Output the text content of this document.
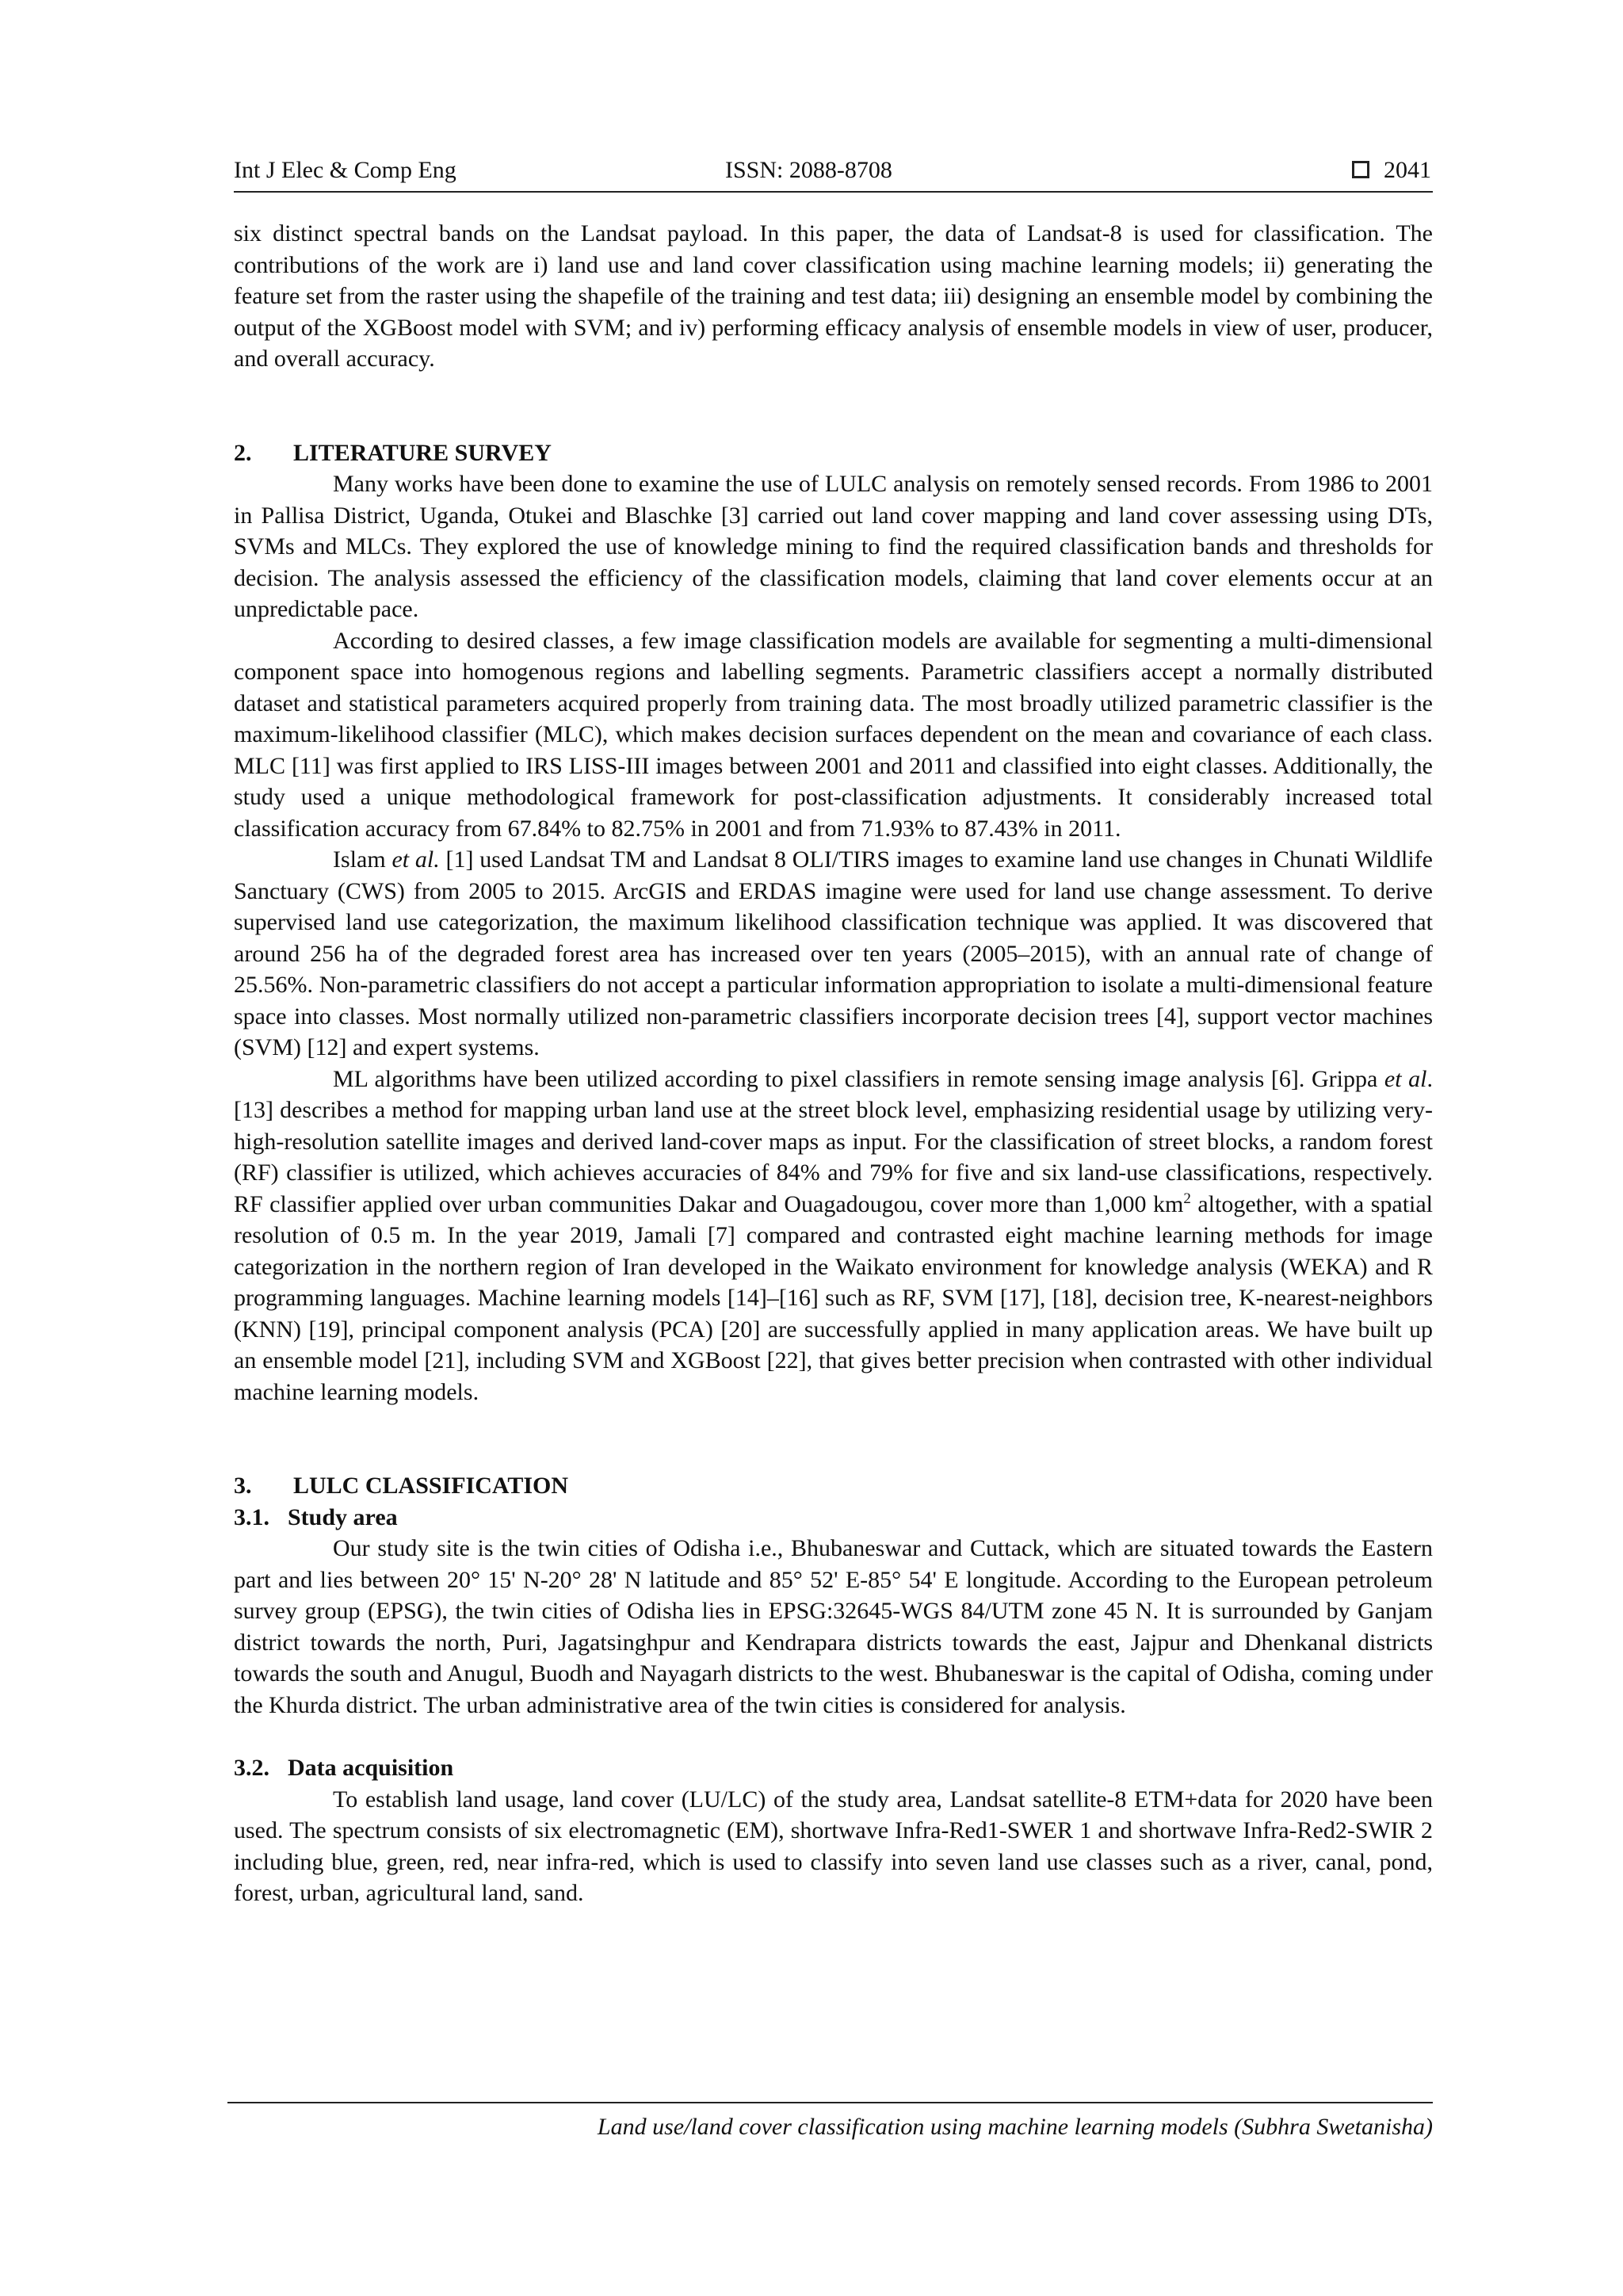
Int J Elec & Comp Eng	ISSN: 2088-8708	2041

six distinct spectral bands on the Landsat payload. In this paper, the data of Landsat-8 is used for classification. The contributions of the work are i) land use and land cover classification using machine learning models; ii) generating the feature set from the raster using the shapefile of the training and test data; iii) designing an ensemble model by combining the output of the XGBoost model with SVM; and iv) performing efficacy analysis of ensemble models in view of user, producer, and overall accuracy.

2. LITERATURE SURVEY

Many works have been done to examine the use of LULC analysis on remotely sensed records. From 1986 to 2001 in Pallisa District, Uganda, Otukei and Blaschke [3] carried out land cover mapping and land cover assessing using DTs, SVMs and MLCs. They explored the use of knowledge mining to find the required classification bands and thresholds for decision. The analysis assessed the efficiency of the classification models, claiming that land cover elements occur at an unpredictable pace.

According to desired classes, a few image classification models are available for segmenting a multi-dimensional component space into homogenous regions and labelling segments. Parametric classifiers accept a normally distributed dataset and statistical parameters acquired properly from training data. The most broadly utilized parametric classifier is the maximum-likelihood classifier (MLC), which makes decision surfaces dependent on the mean and covariance of each class. MLC [11] was first applied to IRS LISS-III images between 2001 and 2011 and classified into eight classes. Additionally, the study used a unique methodological framework for post-classification adjustments. It considerably increased total classification accuracy from 67.84% to 82.75% in 2001 and from 71.93% to 87.43% in 2011.

Islam et al. [1] used Landsat TM and Landsat 8 OLI/TIRS images to examine land use changes in Chunati Wildlife Sanctuary (CWS) from 2005 to 2015. ArcGIS and ERDAS imagine were used for land use change assessment. To derive supervised land use categorization, the maximum likelihood classification technique was applied. It was discovered that around 256 ha of the degraded forest area has increased over ten years (2005–2015), with an annual rate of change of 25.56%. Non-parametric classifiers do not accept a particular information appropriation to isolate a multi-dimensional feature space into classes. Most normally utilized non-parametric classifiers incorporate decision trees [4], support vector machines (SVM) [12] and expert systems.

ML algorithms have been utilized according to pixel classifiers in remote sensing image analysis [6]. Grippa et al. [13] describes a method for mapping urban land use at the street block level, emphasizing residential usage by utilizing very-high-resolution satellite images and derived land-cover maps as input. For the classification of street blocks, a random forest (RF) classifier is utilized, which achieves accuracies of 84% and 79% for five and six land-use classifications, respectively. RF classifier applied over urban communities Dakar and Ouagadougou, cover more than 1,000 $km^2$ altogether, with a spatial resolution of 0.5 m. In the year 2019, Jamali [7] compared and contrasted eight machine learning methods for image categorization in the northern region of Iran developed in the Waikato environment for knowledge analysis (WEKA) and R programming languages. Machine learning models [14]–[16] such as RF, SVM [17], [18], decision tree, K-nearest-neighbors (KNN) [19], principal component analysis (PCA) [20] are successfully applied in many application areas. We have built up an ensemble model [21], including SVM and XGBoost [22], that gives better precision when contrasted with other individual machine learning models.

3. LULC CLASSIFICATION
3.1. Study area

Our study site is the twin cities of Odisha i.e., Bhubaneswar and Cuttack, which are situated towards the Eastern part and lies between 20° 15' N-20° 28' N latitude and 85° 52' E-85° 54' E longitude. According to the European petroleum survey group (EPSG), the twin cities of Odisha lies in EPSG:32645-WGS 84/UTM zone 45 N. It is surrounded by Ganjam district towards the north, Puri, Jagatsinghpur and Kendrapara districts towards the east, Jajpur and Dhenkanal districts towards the south and Anugul, Buodh and Nayagarh districts to the west. Bhubaneswar is the capital of Odisha, coming under the Khurda district. The urban administrative area of the twin cities is considered for analysis.

3.2. Data acquisition

To establish land usage, land cover (LU/LC) of the study area, Landsat satellite-8 ETM+data for 2020 have been used. The spectrum consists of six electromagnetic (EM), shortwave Infra-Red1-SWER 1 and shortwave Infra-Red2-SWIR 2 including blue, green, red, near infra-red, which is used to classify into seven land use classes such as a river, canal, pond, forest, urban, agricultural land, sand.

Land use/land cover classification using machine learning models (Subhra Swetanisha)
